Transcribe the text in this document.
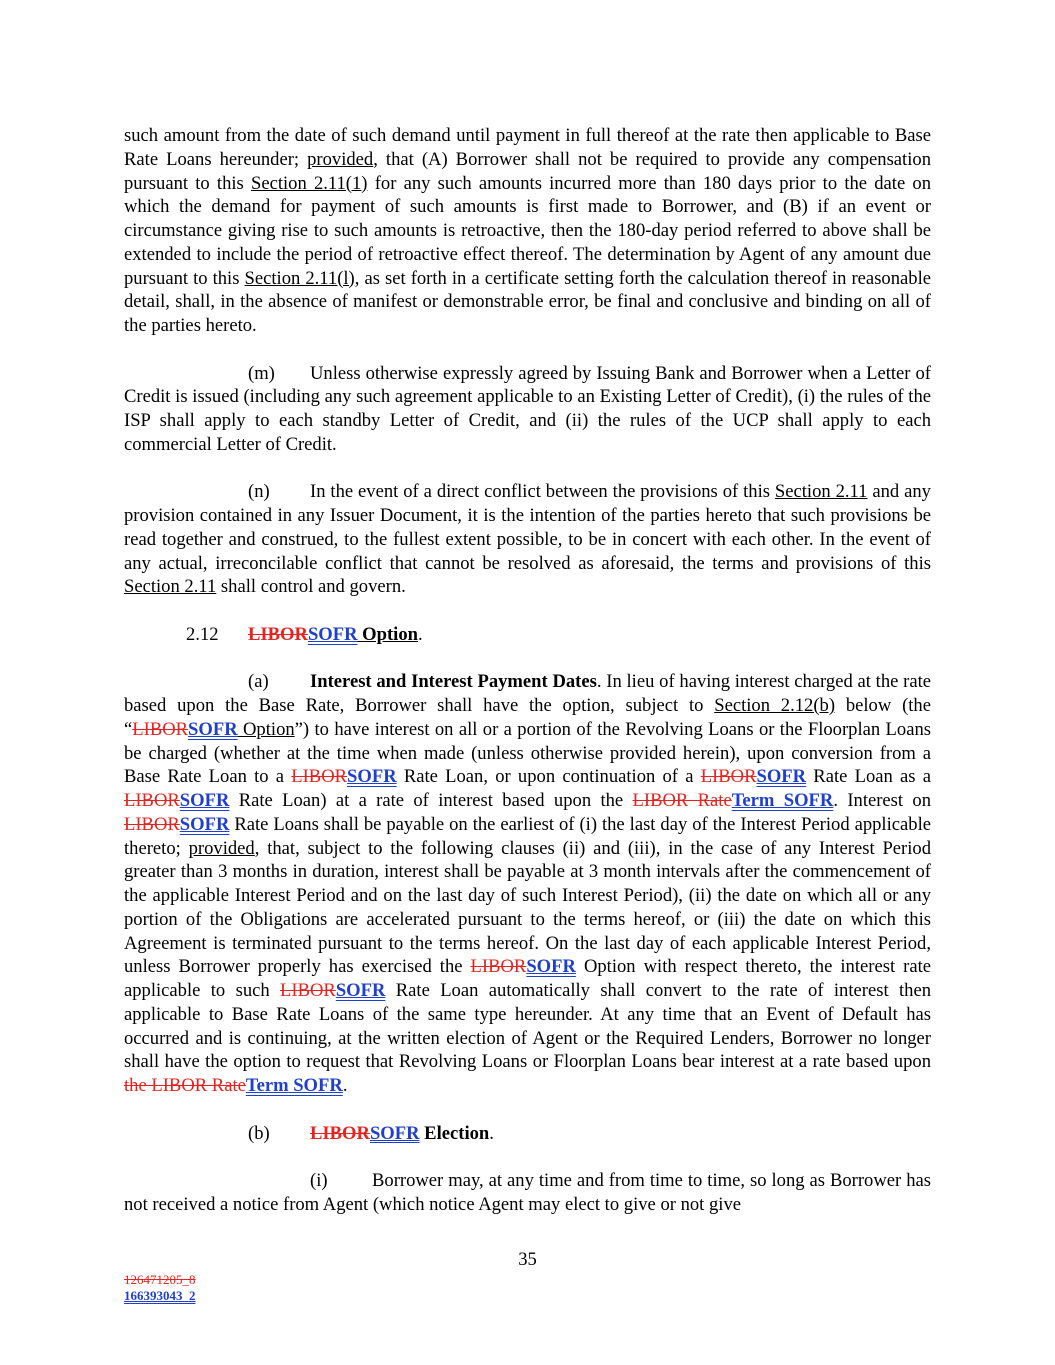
such amount from the date of such demand until payment in full thereof at the rate then applicable to Base Rate Loans hereunder; provided, that (A) Borrower shall not be required to provide any compensation pursuant to this Section 2.11(1) for any such amounts incurred more than 180 days prior to the date on which the demand for payment of such amounts is first made to Borrower, and (B) if an event or circumstance giving rise to such amounts is retroactive, then the 180-day period referred to above shall be extended to include the period of retroactive effect thereof. The determination by Agent of any amount due pursuant to this Section 2.11(l), as set forth in a certificate setting forth the calculation thereof in reasonable detail, shall, in the absence of manifest or demonstrable error, be final and conclusive and binding on all of the parties hereto.

(m) Unless otherwise expressly agreed by Issuing Bank and Borrower when a Letter of Credit is issued (including any such agreement applicable to an Existing Letter of Credit), (i) the rules of the ISP shall apply to each standby Letter of Credit, and (ii) the rules of the UCP shall apply to each commercial Letter of Credit.

(n) In the event of a direct conflict between the provisions of this Section 2.11 and any provision contained in any Issuer Document, it is the intention of the parties hereto that such provisions be read together and construed, to the fullest extent possible, to be in concert with each other. In the event of any actual, irreconcilable conflict that cannot be resolved as aforesaid, the terms and provisions of this Section 2.11 shall control and govern.

2.12 LIBORSOFR Option.

(a) Interest and Interest Payment Dates. In lieu of having interest charged at the rate based upon the Base Rate, Borrower shall have the option, subject to Section 2.12(b) below (the “LIBORSOFR Option”) to have interest on all or a portion of the Revolving Loans or the Floorplan Loans be charged (whether at the time when made (unless otherwise provided herein), upon conversion from a Base Rate Loan to a LIBORSOFR Rate Loan, or upon continuation of a LIBORSOFR Rate Loan as a LIBORSOFR Rate Loan) at a rate of interest based upon the LIBOR RateTerm SOFR. Interest on LIBORSOFR Rate Loans shall be payable on the earliest of (i) the last day of the Interest Period applicable thereto; provided, that, subject to the following clauses (ii) and (iii), in the case of any Interest Period greater than 3 months in duration, interest shall be payable at 3 month intervals after the commencement of the applicable Interest Period and on the last day of such Interest Period), (ii) the date on which all or any portion of the Obligations are accelerated pursuant to the terms hereof, or (iii) the date on which this Agreement is terminated pursuant to the terms hereof. On the last day of each applicable Interest Period, unless Borrower properly has exercised the LIBORSOFR Option with respect thereto, the interest rate applicable to such LIBORSOFR Rate Loan automatically shall convert to the rate of interest then applicable to Base Rate Loans of the same type hereunder. At any time that an Event of Default has occurred and is continuing, at the written election of Agent or the Required Lenders, Borrower no longer shall have the option to request that Revolving Loans or Floorplan Loans bear interest at a rate based upon the LIBOR RateTerm SOFR.

(b) LIBORSOFR Election.

(i) Borrower may, at any time and from time to time, so long as Borrower has not received a notice from Agent (which notice Agent may elect to give or not give

35
126471205_8
166393043_2
